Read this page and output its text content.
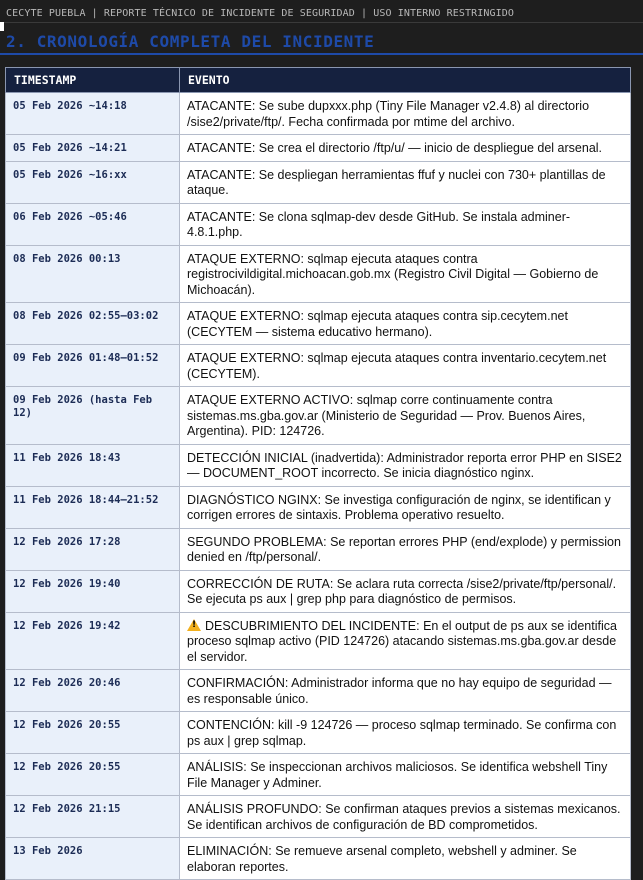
CECYTE PUEBLA | REPORTE TÉCNICO DE INCIDENTE DE SEGURIDAD | USO INTERNO RESTRINGIDO
2. CRONOLOGÍA COMPLETA DEL INCIDENTE
TIMESTAMP	EVENTO
05 Feb 2026 ~14:18	ATACANTE: Se sube dupxxx.php (Tiny File Manager v2.4.8) al directorio /sise2/private/ftp/. Fecha confirmada por mtime del archivo.
05 Feb 2026 ~14:21	ATACANTE: Se crea el directorio /ftp/u/ — inicio de despliegue del arsenal.
05 Feb 2026 ~16:xx	ATACANTE: Se despliegan herramientas ffuf y nuclei con 730+ plantillas de ataque.
06 Feb 2026 ~05:46	ATACANTE: Se clona sqlmap-dev desde GitHub. Se instala adminer-4.8.1.php.
08 Feb 2026 00:13	ATAQUE EXTERNO: sqlmap ejecuta ataques contra registrocivildigital.michoacan.gob.mx (Registro Civil Digital — Gobierno de Michoacán).
08 Feb 2026 02:55–03:02	ATAQUE EXTERNO: sqlmap ejecuta ataques contra sip.cecytem.net (CECYTEM — sistema educativo hermano).
09 Feb 2026 01:48–01:52	ATAQUE EXTERNO: sqlmap ejecuta ataques contra inventario.cecytem.net (CECYTEM).
09 Feb 2026 (hasta Feb 12)	ATAQUE EXTERNO ACTIVO: sqlmap corre continuamente contra sistemas.ms.gba.gov.ar (Ministerio de Seguridad — Prov. Buenos Aires, Argentina). PID: 124726.
11 Feb 2026 18:43	DETECCIÓN INICIAL (inadvertida): Administrador reporta error PHP en SISE2 — DOCUMENT_ROOT incorrecto. Se inicia diagnóstico nginx.
11 Feb 2026 18:44–21:52	DIAGNÓSTICO NGINX: Se investiga configuración de nginx, se identifican y corrigen errores de sintaxis. Problema operativo resuelto.
12 Feb 2026 17:28	SEGUNDO PROBLEMA: Se reportan errores PHP (end/explode) y permission denied en /ftp/personal/.
12 Feb 2026 19:40	CORRECCIÓN DE RUTA: Se aclara ruta correcta /sise2/private/ftp/personal/. Se ejecuta ps aux | grep php para diagnóstico de permisos.
12 Feb 2026 19:42	!DESCUBRIMIENTO DEL INCIDENTE: En el output de ps aux se identifica proceso sqlmap activo (PID 124726) atacando sistemas.ms.gba.gov.ar desde el servidor.
12 Feb 2026 20:46	CONFIRMACIÓN: Administrador informa que no hay equipo de seguridad — es responsable único.
12 Feb 2026 20:55	CONTENCIÓN: kill -9 124726 — proceso sqlmap terminado. Se confirma con ps aux | grep sqlmap.
12 Feb 2026 20:55	ANÁLISIS: Se inspeccionan archivos maliciosos. Se identifica webshell Tiny File Manager y Adminer.
12 Feb 2026 21:15	ANÁLISIS PROFUNDO: Se confirman ataques previos a sistemas mexicanos. Se identifican archivos de configuración de BD comprometidos.
13 Feb 2026	ELIMINACIÓN: Se remueve arsenal completo, webshell y adminer. Se elaboran reportes.
